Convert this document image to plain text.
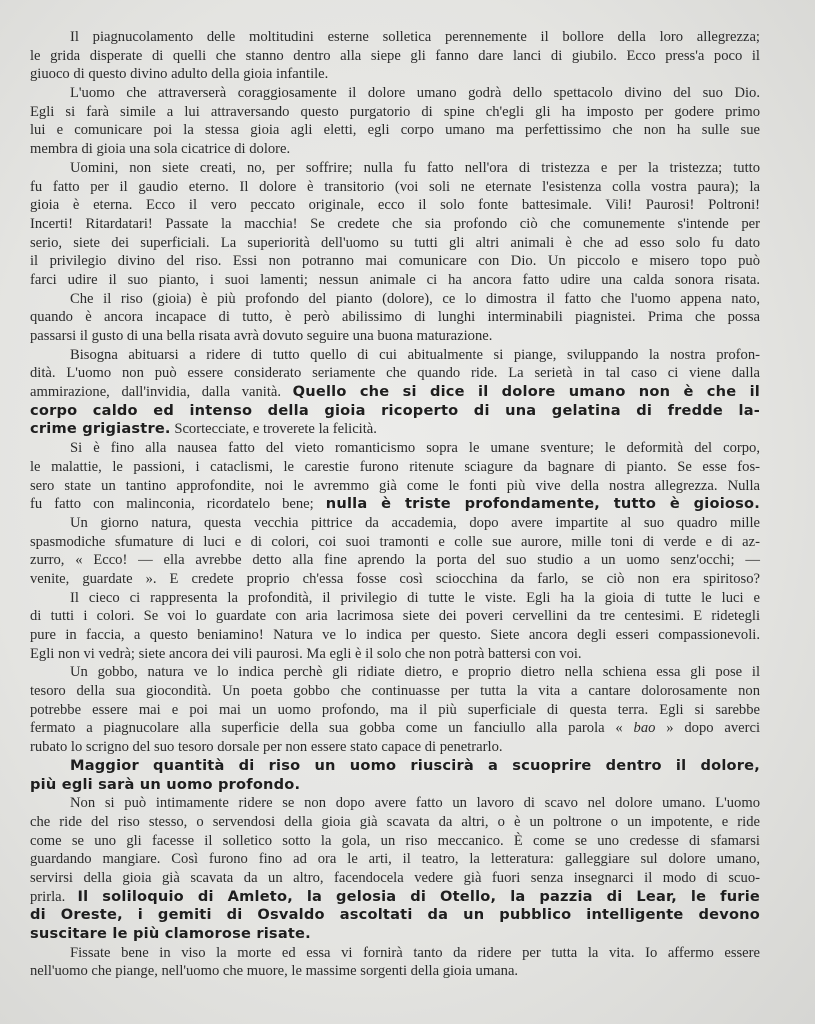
Il piagnucolamento delle moltitudini esterne solletica perennemente il bollore della loro allegrezza;
le grida disperate di quelli che stanno dentro alla siepe gli fanno dare lanci di giubilo. Ecco press'a poco il
giuoco di questo divino adulto della gioia infantile.
L'uomo che attraverserà coraggiosamente il dolore umano godrà dello spettacolo divino del suo Dio.
Egli si farà simile a lui attraversando questo purgatorio di spine ch'egli gli ha imposto per godere primo
lui e comunicare poi la stessa gioia agli eletti, egli corpo umano ma perfettissimo che non ha sulle sue
membra di gioia una sola cicatrice di dolore.
Uomini, non siete creati, no, per soffrire; nulla fu fatto nell'ora di tristezza e per la tristezza; tutto
fu fatto per il gaudio eterno. Il dolore è transitorio (voi soli ne eternate l'esistenza colla vostra paura); la
gioia è eterna. Ecco il vero peccato originale, ecco il solo fonte battesimale. Vili! Paurosi! Poltroni!
Incerti! Ritardatari! Passate la macchia! Se credete che sia profondo ciò che comunemente s'intende per
serio, siete dei superficiali. La superiorità dell'uomo su tutti gli altri animali è che ad esso solo fu dato
il privilegio divino del riso. Essi non potranno mai comunicare con Dio. Un piccolo e misero topo può
farci udire il suo pianto, i suoi lamenti; nessun animale ci ha ancora fatto udire una calda sonora risata.
Che il riso (gioia) è più profondo del pianto (dolore), ce lo dimostra il fatto che l'uomo appena nato,
quando è ancora incapace di tutto, è però abilissimo di lunghi interminabili piagnistei. Prima che possa
passarsi il gusto di una bella risata avrà dovuto seguire una buona maturazione.
Bisogna abituarsi a ridere di tutto quello di cui abitualmente si piange, sviluppando la nostra profon-
dità. L'uomo non può essere considerato seriamente che quando ride. La serietà in tal caso ci viene dalla
ammirazione, dall'invidia, dalla vanità. Quello che si dice il dolore umano non è che il
corpo caldo ed intenso della gioia ricoperto di una gelatina di fredde la-
crime grigiastre. Scortecciate, e troverete la felicità.
Si è fino alla nausea fatto del vieto romanticismo sopra le umane sventure; le deformità del corpo,
le malattie, le passioni, i cataclismi, le carestie furono ritenute sciagure da bagnare di pianto. Se esse fos-
sero state un tantino approfondite, noi le avremmo già come le fonti più vive della nostra allegrezza. Nulla
fu fatto con malinconia, ricordatelo bene; nulla è triste profondamente, tutto è gioioso.
Un giorno natura, questa vecchia pittrice da accademia, dopo avere impartite al suo quadro mille
spasmodiche sfumature di luci e di colori, coi suoi tramonti e colle sue aurore, mille toni di verde e di az-
zurro, « Ecco! — ella avrebbe detto alla fine aprendo la porta del suo studio a un uomo senz'occhi; —
venite, guardate ». E credete proprio ch'essa fosse così sciocchina da farlo, se ciò non era spiritoso?
Il cieco ci rappresenta la profondità, il privilegio di tutte le viste. Egli ha la gioia di tutte le luci e
di tutti i colori. Se voi lo guardate con aria lacrimosa siete dei poveri cervellini da tre centesimi. E ridetegli
pure in faccia, a questo beniamino! Natura ve lo indica per questo. Siete ancora degli esseri compassionevoli.
Egli non vi vedrà; siete ancora dei vili paurosi. Ma egli è il solo che non potrà battersi con voi.
Un gobbo, natura ve lo indica perchè gli ridiate dietro, e proprio dietro nella schiena essa gli pose il
tesoro della sua giocondità. Un poeta gobbo che continuasse per tutta la vita a cantare dolorosamente non
potrebbe essere mai e poi mai un uomo profondo, ma il più superficiale di questa terra. Egli si sarebbe
fermato a piagnucolare alla superficie della sua gobba come un fanciullo alla parola « bao » dopo averci
rubato lo scrigno del suo tesoro dorsale per non essere stato capace di penetrarlo.
Maggior quantità di riso un uomo riuscirà a scuoprire dentro il dolore,
più egli sarà un uomo profondo.
Non si può intimamente ridere se non dopo avere fatto un lavoro di scavo nel dolore umano. L'uomo
che ride del riso stesso, o servendosi della gioia già scavata da altri, o è un poltrone o un impotente, e ride
come se uno gli facesse il solletico sotto la gola, un riso meccanico. È come se uno credesse di sfamarsi
guardando mangiare. Così furono fino ad ora le arti, il teatro, la letteratura: galleggiare sul dolore umano,
servirsi della gioia già scavata da un altro, facendocela vedere già fuori senza insegnarci il modo di scuo-
prirla. Il soliloquio di Amleto, la gelosia di Otello, la pazzia di Lear, le furie
di Oreste, i gemiti di Osvaldo ascoltati da un pubblico intelligente devono
suscitare le più clamorose risate.
Fissate bene in viso la morte ed essa vi fornirà tanto da ridere per tutta la vita. Io affermo essere
nell'uomo che piange, nell'uomo che muore, le massime sorgenti della gioia umana.
